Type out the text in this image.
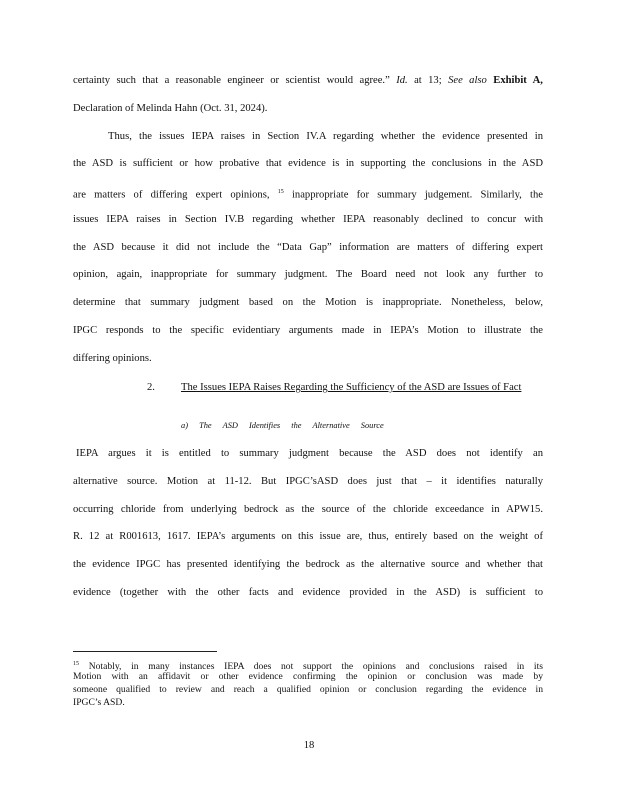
certainty such that a reasonable engineer or scientist would agree.” Id. at 13; See also Exhibit A,
Declaration of Melinda Hahn (Oct. 31, 2024).
Thus, the issues IEPA raises in Section IV.A regarding whether the evidence presented in
the ASD is sufficient or how probative that evidence is in supporting the conclusions in the ASD
are matters of differing expert opinions, $^{15}$ inappropriate for summary judgement. Similarly, the
issues IEPA raises in Section IV.B regarding whether IEPA reasonably declined to concur with
the ASD because it did not include the “Data Gap” information are matters of differing expert
opinion, again, inappropriate for summary judgment. The Board need not look any further to
determine that summary judgment based on the Motion is inappropriate. Nonetheless, below,
IPGC responds to the specific evidentiary arguments made in IEPA’s Motion to illustrate the
differing opinions.
2. The Issues IEPA Raises Regarding the Sufficiency of the ASD are Issues of Fact
a) The ASD Identifies the Alternative Source
IEPA argues it is entitled to summary judgment because the ASD does not identify an
alternative source. Motion at 11-12. But IPGC’sASD does just that – it identifies naturally
occurring chloride from underlying bedrock as the source of the chloride exceedance in APW15.
R. 12 at R001613, 1617. IEPA’s arguments on this issue are, thus, entirely based on the weight of
the evidence IPGC has presented identifying the bedrock as the alternative source and whether that
evidence (together with the other facts and evidence provided in the ASD) is sufficient to
$^{15}$ Notably, in many instances IEPA does not support the opinions and conclusions raised in its
Motion with an affidavit or other evidence confirming the opinion or conclusion was made by
someone qualified to review and reach a qualified opinion or conclusion regarding the evidence in
IPGC’s ASD.
18
